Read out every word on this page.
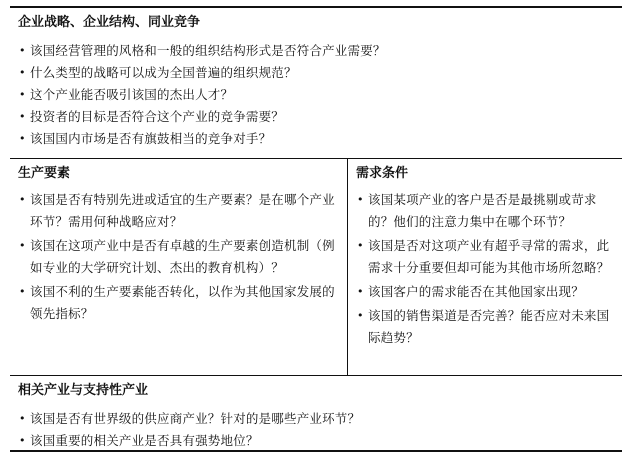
企业战略、企业结构、同业竞争
• 该国经营管理的风格和一般的组织结构形式是否符合产业需要？
• 什么类型的战略可以成为全国普遍的组织规范？
• 这个产业能否吸引该国的杰出人才？
• 投资者的目标是否符合这个产业的竞争需要？
• 该国国内市场是否有旗鼓相当的竞争对手？
生产要素
• 该国是否有特别先进或适宜的生产要素？是在哪个产业环节？需用何种战略应对？
• 该国在这项产业中是否有卓越的生产要素创造机制（例如专业的大学研究计划、杰出的教育机构）？
• 该国不利的生产要素能否转化，以作为其他国家发展的领先指标？
需求条件
• 该国某项产业的客户是否是最挑剔或苛求的？他们的注意力集中在哪个环节？
• 该国是否对这项产业有超乎寻常的需求，此需求十分重要但却可能为其他市场所忽略？
• 该国客户的需求能否在其他国家出现？
• 该国的销售渠道是否完善？能否应对未来国际趋势？
相关产业与支持性产业
• 该国是否有世界级的供应商产业？针对的是哪些产业环节？
• 该国重要的相关产业是否具有强势地位？
